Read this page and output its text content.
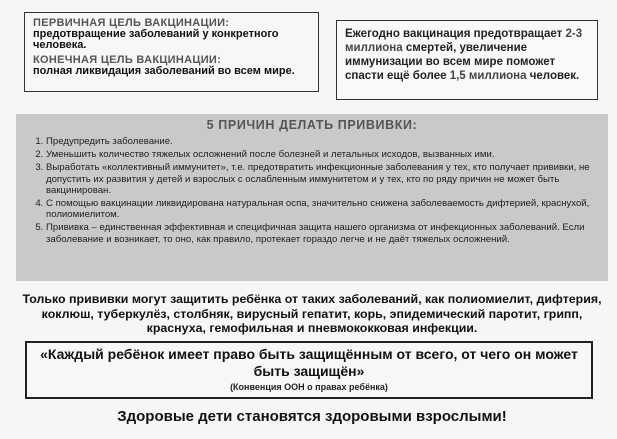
ПЕРВИЧНАЯ ЦЕЛЬ ВАКЦИНАЦИИ:
предотвращение заболеваний у конкретного человека.
КОНЕЧНАЯ ЦЕЛЬ ВАКЦИНАЦИИ:
полная ликвидация заболеваний во всем мире.

Ежегодно вакцинация предотвращает 2-3 миллиона смертей, увеличение иммунизации во всем мире поможет спасти ещё более 1,5 миллиона человек.

5 ПРИЧИН ДЕЛАТЬ ПРИВИВКИ:
1. Предупредить заболевание.
2. Уменьшить количество тяжелых осложнений после болезней и летальных исходов, вызванных ими.
3. Выработать «коллективный иммунитет», т.е. предотвратить инфекционные заболевания у тех, кто получает прививки, не допустить их развития у детей и взрослых с ослабленным иммунитетом и у тех, кто по ряду причин не может быть вакцинирован.
4. С помощью вакцинации ликвидирована натуральная оспа, значительно снижена заболеваемость дифтерией, краснухой, полиомиелитом.
5. Прививка – единственная эффективная и специфичная защита нашего организма от инфекционных заболеваний. Если заболевание и возникает, то оно, как правило, протекает гораздо легче и не даёт тяжелых осложнений.
Только прививки могут защитить ребёнка от таких заболеваний, как полиомиелит, дифтерия, коклюш, туберкулёз, столбняк, вирусный гепатит, корь, эпидемический паротит, грипп, краснуха, гемофильная и пневмококковая инфекции.
«Каждый ребёнок имеет право быть защищённым от всего, от чего он может быть защищён»
(Конвенция ООН о правах ребёнка)
Здоровые дети становятся здоровыми взрослыми!
